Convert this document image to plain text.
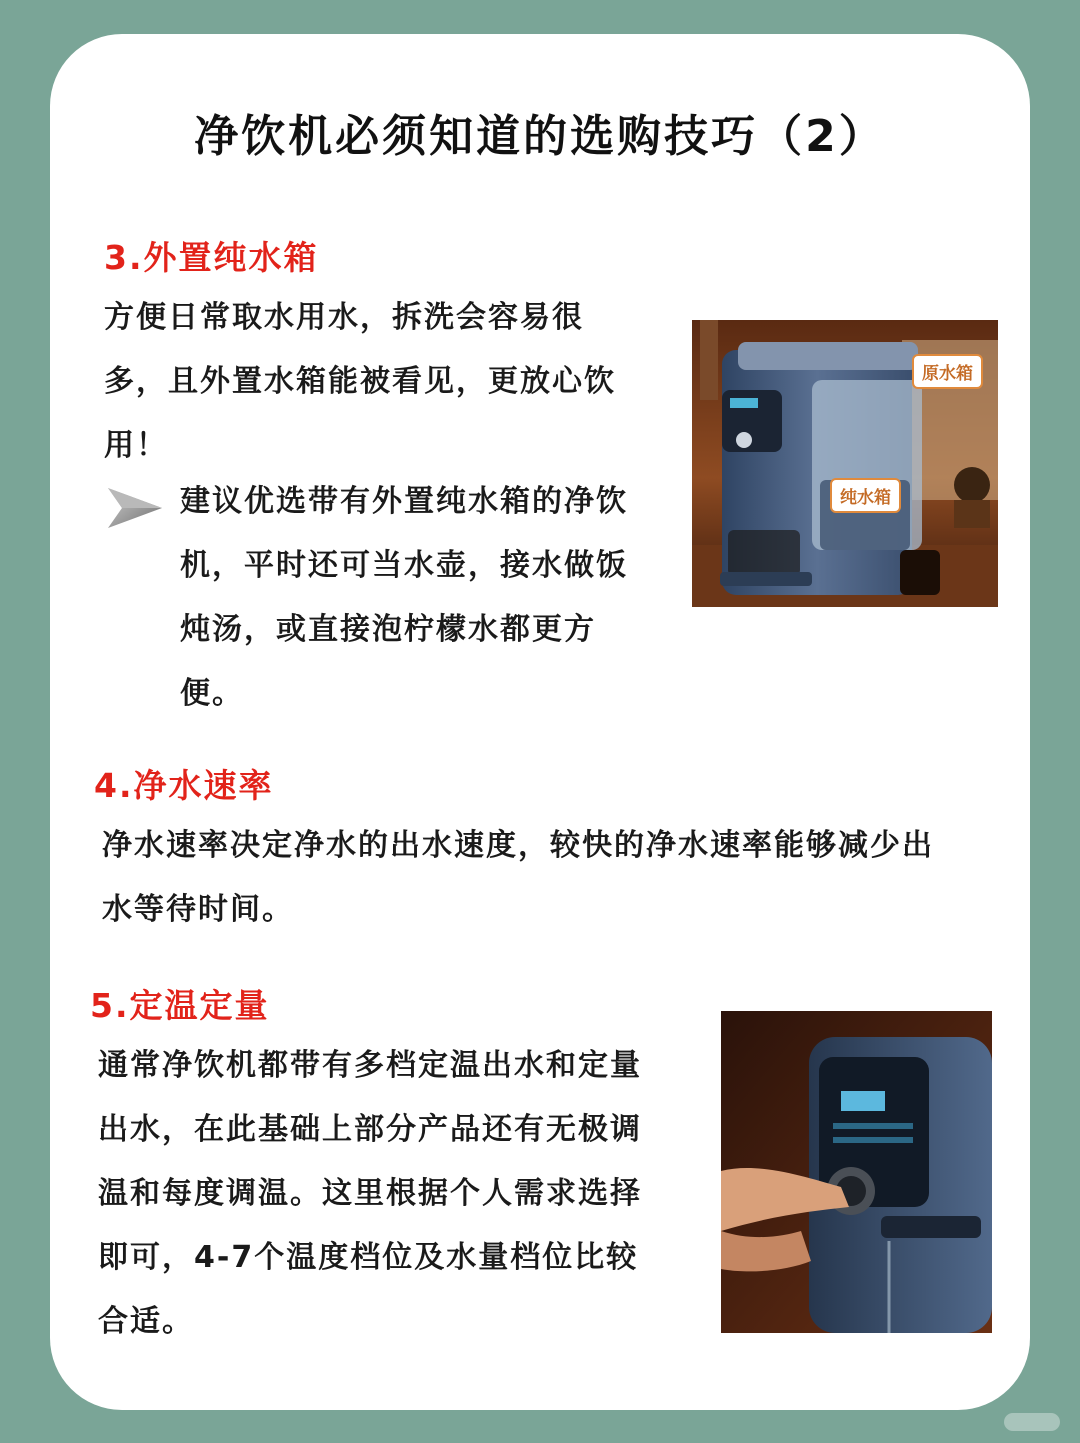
净饮机必须知道的选购技巧（2）
3.外置纯水箱
方便日常取水用水，拆洗会容易很
多，且外置水箱能被看见，更放心饮
用！
建议优选带有外置纯水箱的净饮
机，平时还可当水壶，接水做饭
炖汤，或直接泡柠檬水都更方
便。
原水箱
纯水箱
4.净水速率
净水速率决定净水的出水速度，较快的净水速率能够减少出
水等待时间。
5.定温定量
通常净饮机都带有多档定温出水和定量
出水，在此基础上部分产品还有无极调
温和每度调温。这里根据个人需求选择
即可，4-7个温度档位及水量档位比较
合适。
